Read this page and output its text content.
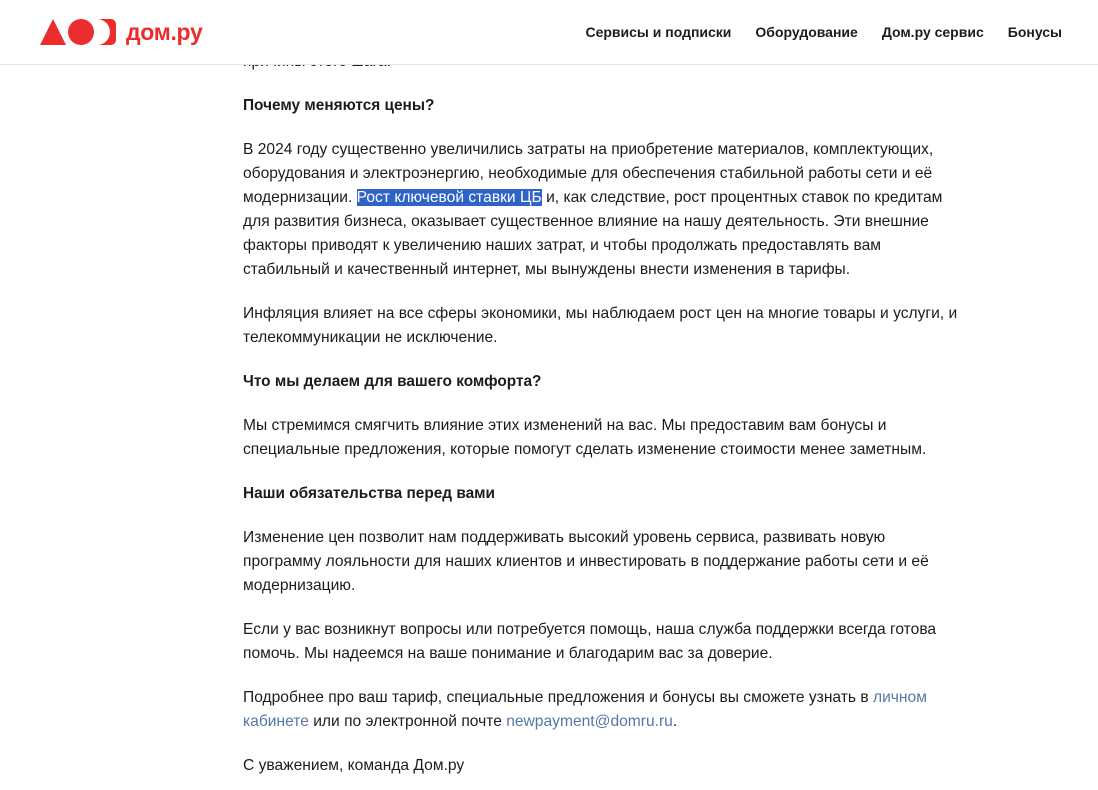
дом.ру	Сервисы и подписки Оборудование Дом.ру сервис Бонусы
Почему меняются цены?

В 2024 году существенно увеличились затраты на приобретение материалов, комплектующих, оборудования и электроэнергию, необходимые для обеспечения стабильной работы сети и её модернизации. Рост ключевой ставки ЦБ и, как следствие, рост процентных ставок по кредитам для развития бизнеса, оказывает существенное влияние на нашу деятельность. Эти внешние факторы приводят к увеличению наших затрат, и чтобы продолжать предоставлять вам стабильный и качественный интернет, мы вынуждены внести изменения в тарифы.

Инфляция влияет на все сферы экономики, мы наблюдаем рост цен на многие товары и услуги, и телекоммуникации не исключение.

Что мы делаем для вашего комфорта?

Мы стремимся смягчить влияние этих изменений на вас. Мы предоставим вам бонусы и специальные предложения, которые помогут сделать изменение стоимости менее заметным.

Наши обязательства перед вами

Изменение цен позволит нам поддерживать высокий уровень сервиса, развивать новую программу лояльности для наших клиентов и инвестировать в поддержание работы сети и её модернизацию.

Если у вас возникнут вопросы или потребуется помощь, наша служба поддержки всегда готова помочь. Мы надеемся на ваше понимание и благодарим вас за доверие.

Подробнее про ваш тариф, специальные предложения и бонусы вы сможете узнать в личном кабинете или по электронной почте newpayment@domru.ru.

С уважением, команда Дом.ру
